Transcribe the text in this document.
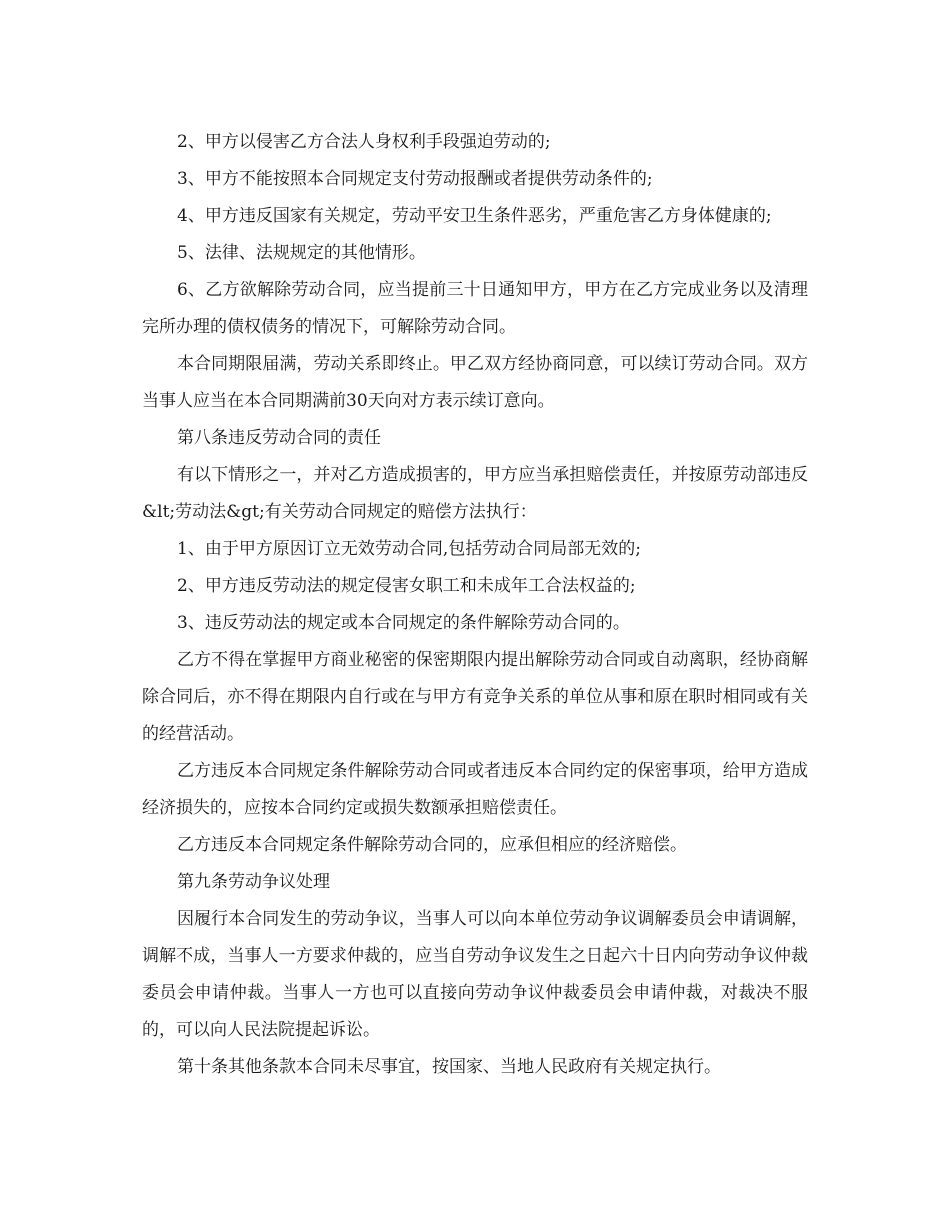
2、甲方以侵害乙方合法人身权利手段强迫劳动的;

3、甲方不能按照本合同规定支付劳动报酬或者提供劳动条件的;

4、甲方违反国家有关规定，劳动平安卫生条件恶劣，严重危害乙方身体健康的;

5、法律、法规规定的其他情形。

6、乙方欲解除劳动合同，应当提前三十日通知甲方，甲方在乙方完成业务以及清理完所办理的债权债务的情况下，可解除劳动合同。

本合同期限届满，劳动关系即终止。甲乙双方经协商同意，可以续订劳动合同。双方当事人应当在本合同期满前30天向对方表示续订意向。

第八条违反劳动合同的责任

有以下情形之一，并对乙方造成损害的，甲方应当承担赔偿责任，并按原劳动部违反&lt;劳动法&gt;有关劳动合同规定的赔偿方法执行：

1、由于甲方原因订立无效劳动合同,包括劳动合同局部无效的;

2、甲方违反劳动法的规定侵害女职工和未成年工合法权益的;

3、违反劳动法的规定或本合同规定的条件解除劳动合同的。

乙方不得在掌握甲方商业秘密的保密期限内提出解除劳动合同或自动离职，经协商解除合同后，亦不得在期限内自行或在与甲方有竞争关系的单位从事和原在职时相同或有关的经营活动。

乙方违反本合同规定条件解除劳动合同或者违反本合同约定的保密事项，给甲方造成经济损失的，应按本合同约定或损失数额承担赔偿责任。

乙方违反本合同规定条件解除劳动合同的，应承但相应的经济赔偿。

第九条劳动争议处理

因履行本合同发生的劳动争议，当事人可以向本单位劳动争议调解委员会申请调解，调解不成，当事人一方要求仲裁的，应当自劳动争议发生之日起六十日内向劳动争议仲裁委员会申请仲裁。当事人一方也可以直接向劳动争议仲裁委员会申请仲裁，对裁决不服的，可以向人民法院提起诉讼。

第十条其他条款本合同未尽事宜，按国家、当地人民政府有关规定执行。
